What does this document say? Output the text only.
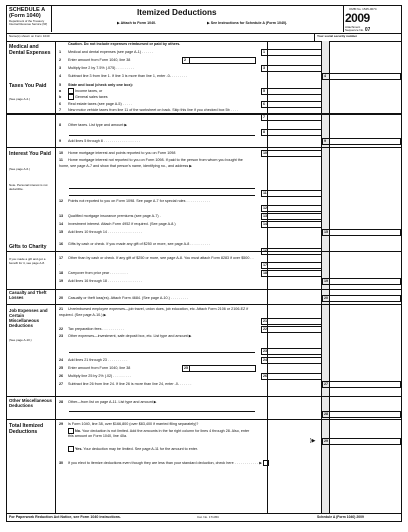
SCHEDULE A
(Form 1040)
Department of the Treasury
Internal Revenue Service (99)
Itemized Deductions
▶ Attach to Form 1040.	▶ See Instructions for Schedule A (Form 1040).
OMB No. 1545-0074
2009
Attachment
Sequence No. 07
Name(s) shown on Form 1040	Your social security number
Medical and Dental Expenses
Caution. Do not include expenses reimbursed or paid by others.
1 Medical and dental expenses (see page A-1) . . . . . .	1
2 Enter amount from Form 1040, line 38	2
3 Multiply line 2 by 7.5% (.075) . . . . . . . . .	3
4 Subtract line 3 from line 1. If line 3 is more than line 1, enter -0- . . . . . . . .	4
Taxes You Paid
(See page A-2.)
5 State and local (check only one box):
a	Income taxes, or
b	General sales taxes
5
6 Real estate taxes (see page A-5) . . . . .	6
7 New motor vehicle taxes from line 11 of the worksheet on back. Skip this line if you checked box 5b . . . .
7
8 Other taxes. List type and amount ▶
8
9 Add lines 5 through 8 . . . . . . . . . . . . . . . . . .	9
Interest You Paid
(See page A-6.)
Note. Personal interest is not deductible.
10 Home mortgage interest and points reported to you on Form 1098	10
11 Home mortgage interest not reported to you on Form 1098. If paid to the person from whom you bought the home, see page A-7 and show that person's name, identifying no., and address ▶
11
12 Points not reported to you on Form 1098. See page A-7 for special rules . . . . . . . . . . . .
12
13 Qualified mortgage insurance premiums (see page A-7) .	13
14 Investment interest. Attach Form 4952 if required. (See page A-8.)	14
15 Add lines 10 through 14 . . . . . . . . . . . . . . . . .	15
Gifts to Charity
If you made a gift and got a benefit for it, see page A-8.
16 Gifts by cash or check. If you made any gift of $250 or more, see page A-8 . . . . . . . . . .
16
17 Other than by cash or check. If any gift of $250 or more, see page A-8. You must attach Form 8283 if over $500 . . .	17
18 Carryover from prior year . . . . . . . . .	18
19 Add lines 16 through 18 . . . . . . . . . . . . . . . . .	19
Casualty and Theft Losses	20 Casualty or theft loss(es). Attach Form 4684. (See page A-10.) . . . . . . . . .	20
Job Expenses and Certain Miscellaneous Deductions
(See page A-10.)
21 Unreimbursed employee expenses—job travel, union dues, job education, etc. Attach Form 2106 or 2106-EZ if required. (See page A-10.) ▶
21
22 Tax preparation fees . . . . . . . . . . .	22
23 Other expenses—investment, safe deposit box, etc. List type and amount ▶
23
24 Add lines 21 through 23 . . . . . . . . . .	24
25 Enter amount from Form 1040, line 38	25
26 Multiply line 25 by 2% (.02) . . . . . . . . .	26
27 Subtract line 26 from line 24. If line 26 is more than line 24, enter -0- . . . . . .	27
Other Miscellaneous Deductions
28 Other—from list on page A-11. List type and amount ▶
28
Total Itemized Deductions
29 Is Form 1040, line 38, over $166,800 (over $83,400 if married filing separately)?
No. Your deduction is not limited. Add the amounts in the far right column for lines 4 through 28. Also, enter this amount on Form 1040, line 40a.
Yes. Your deduction may be limited. See page A-11 for the amount to enter.
}▶	29
30 If you elect to itemize deductions even though they are less than your standard deduction, check here . . . . . . . . . . . . ▶
For Paperwork Reduction Act Notice, see Form 1040 instructions.	Cat. No. 17145C	Schedule A (Form 1040) 2009
